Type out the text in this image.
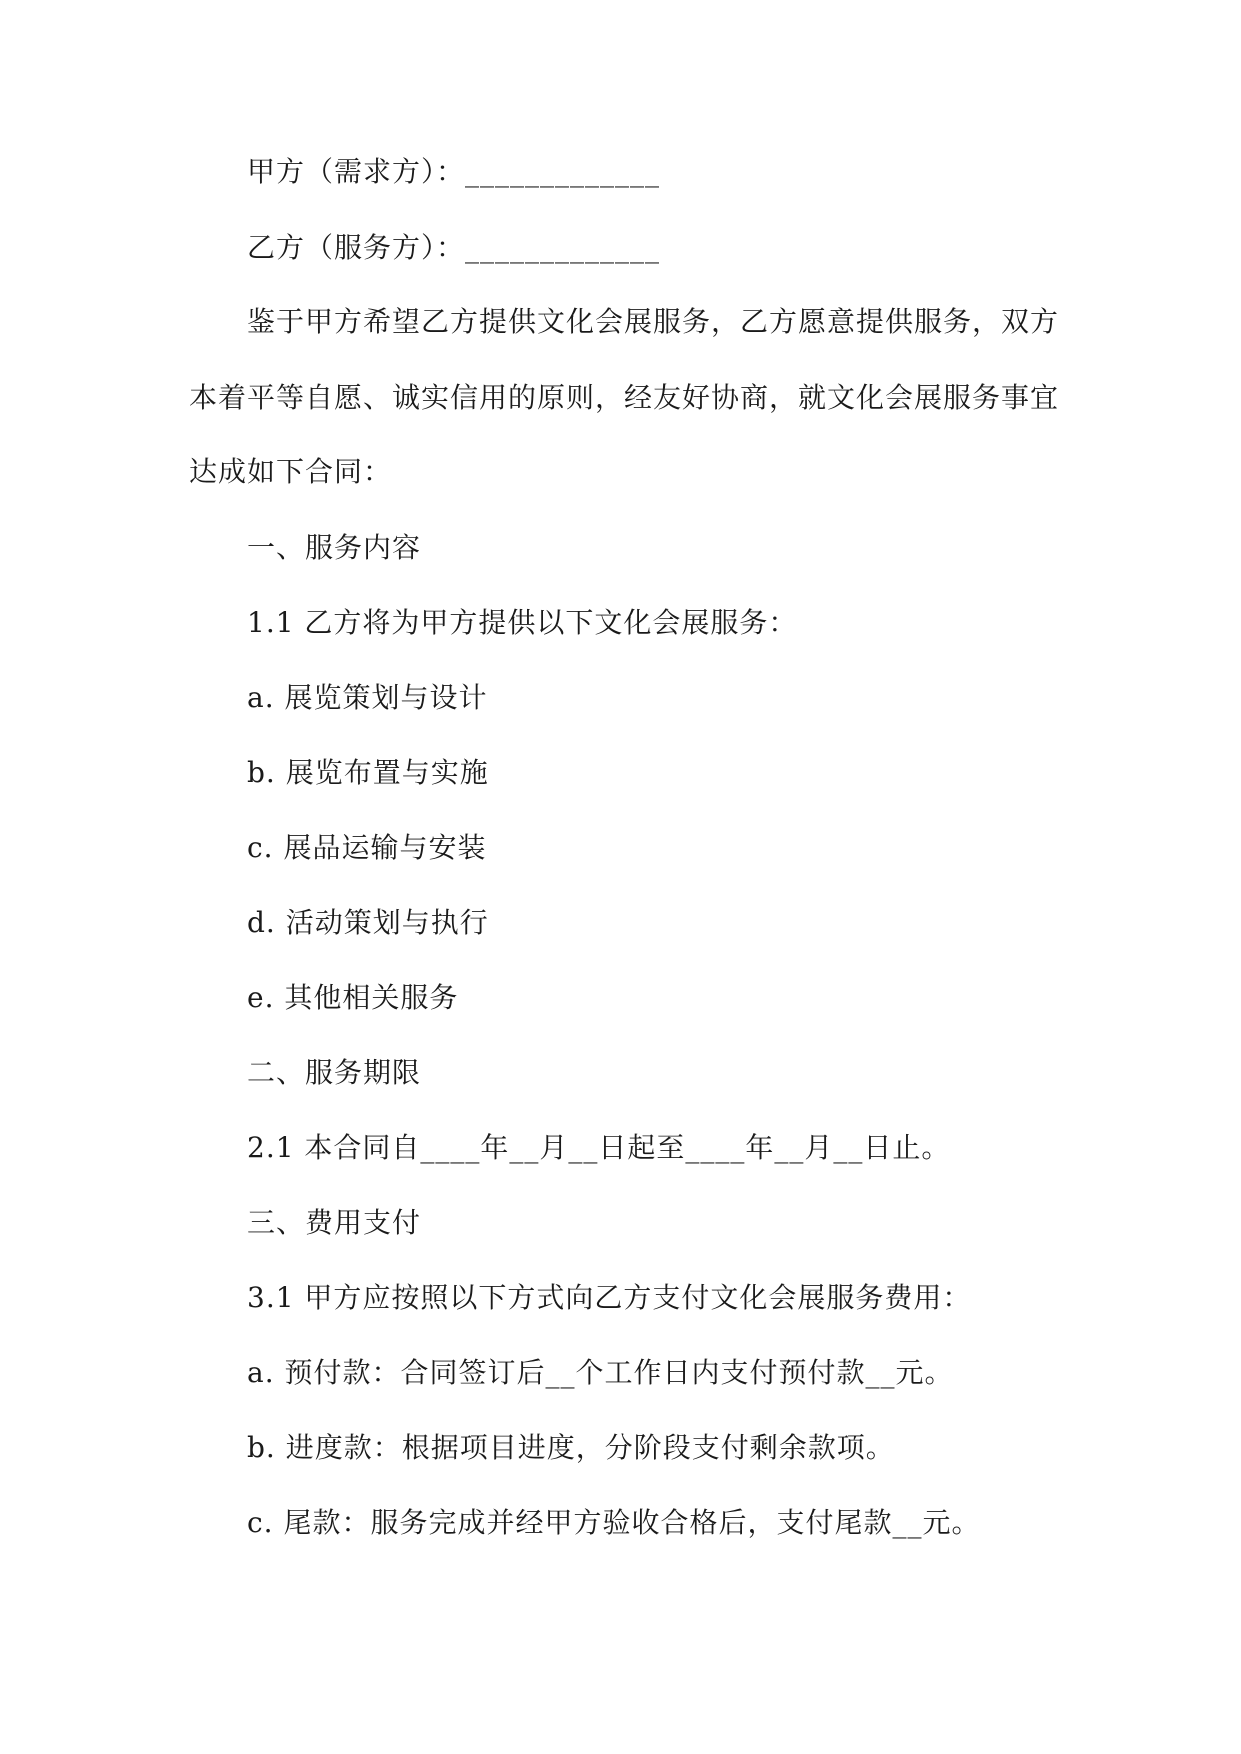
甲方（需求方）：_____________
乙方（服务方）：_____________
鉴于甲方希望乙方提供文化会展服务，乙方愿意提供服务，双方
本着平等自愿、诚实信用的原则，经友好协商，就文化会展服务事宜
达成如下合同：
一、服务内容
1.1 乙方将为甲方提供以下文化会展服务：
a. 展览策划与设计
b. 展览布置与实施
c. 展品运输与安装
d. 活动策划与执行
e. 其他相关服务
二、服务期限
2.1 本合同自____年__月__日起至____年__月__日止。
三、费用支付
3.1 甲方应按照以下方式向乙方支付文化会展服务费用：
a. 预付款：合同签订后__个工作日内支付预付款__元。
b. 进度款：根据项目进度，分阶段支付剩余款项。
c. 尾款：服务完成并经甲方验收合格后，支付尾款__元。
